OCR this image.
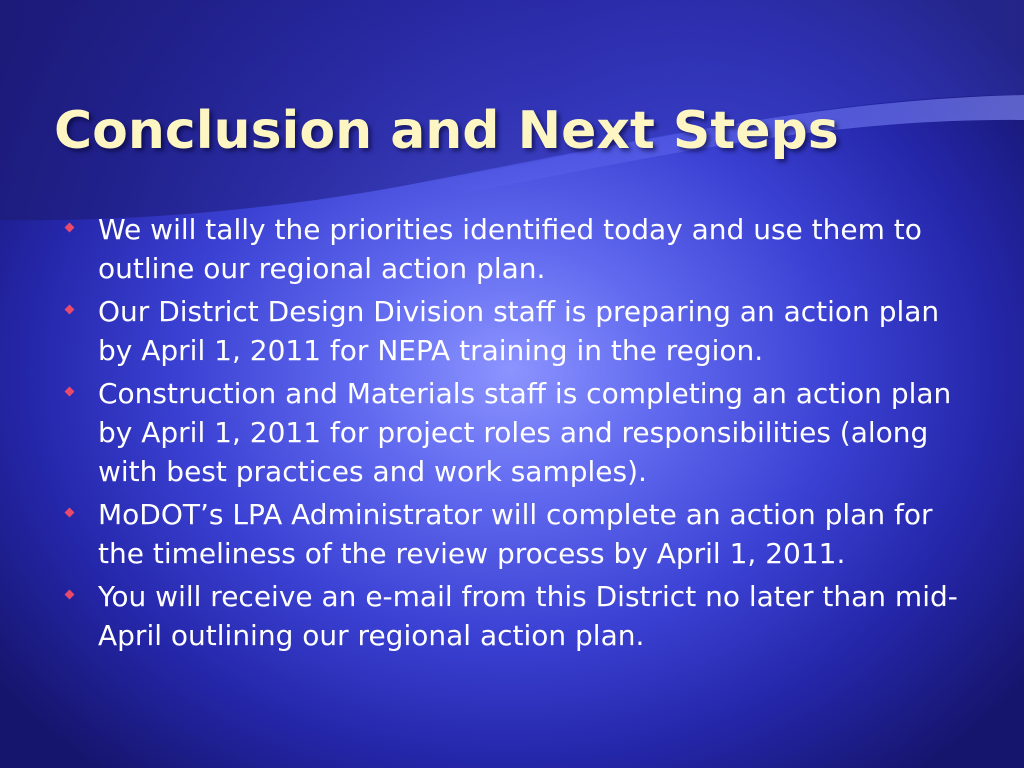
Conclusion and Next Steps
We will tally the priorities identified today and use them to outline our regional action plan.
Our District Design Division staff is preparing an action plan by April 1, 2011 for NEPA training in the region.
Construction and Materials staff is completing an action plan by April 1, 2011 for project roles and responsibilities (along with best practices and work samples).
MoDOT’s LPA Administrator will complete an action plan for the timeliness of the review process by April 1, 2011.
You will receive an e-mail from this District no later than mid-April outlining our regional action plan.
